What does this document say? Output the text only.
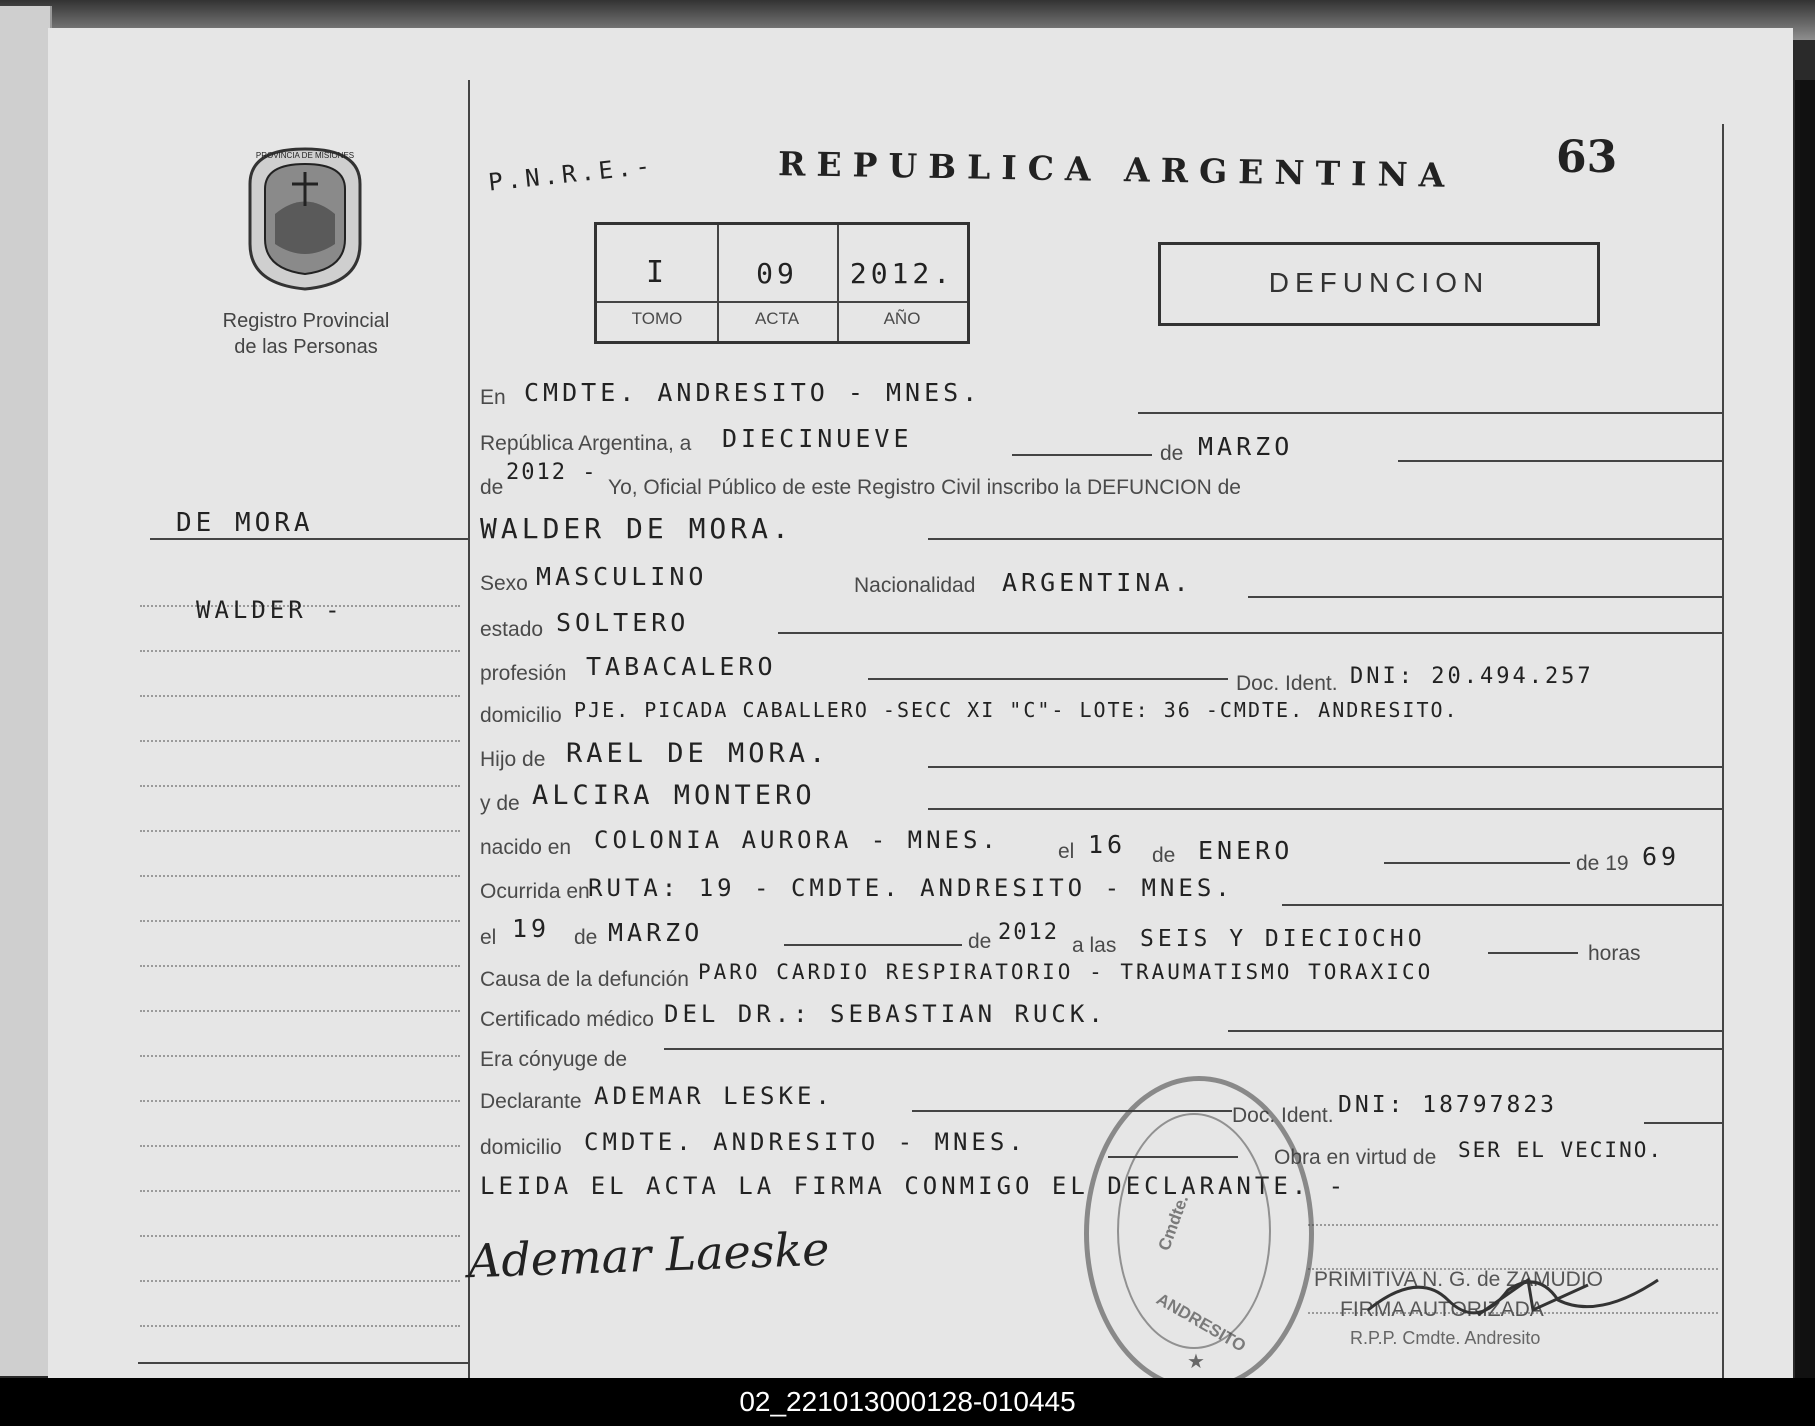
PROVINCIA DE MISIONES
Registro Provincial
de las Personas
P.N.R.E.-	REPUBLICA ARGENTINA 63
I	09	2012.
TOMO	ACTA	AÑO
DEFUNCION
DE MORA
WALDER -
En CMDTE. ANDRESITO - MNES.
República Argentina, a DIECINUEVE
de MARZO
de
2012 -
Yo, Oficial Público de este Registro Civil inscribo la DEFUNCION de
WALDER DE MORA.
Sexo MASCULINO	Nacionalidad ARGENTINA.
estado SOLTERO
profesión TABACALERO
Doc. Ident. DNI: 20.494.257
domicilio PJE. PICADA CABALLERO -SECC XI "C"- LOTE: 36 -CMDTE. ANDRESITO.
Hijo de RAEL DE MORA.
y de ALCIRA MONTERO
nacido en COLONIA AURORA - MNES.	el 16 de ENERO	de 19 69
Ocurrida en
RUTA: 19 - CMDTE. ANDRESITO - MNES.
el 19 de MARZO	de 2012
a las SEIS Y DIECIOCHO
horas
Causa de la defunción PARO CARDIO RESPIRATORIO - TRAUMATISMO TORAXICO
Certificado médico DEL DR.: SEBASTIAN RUCK.
Era cónyuge de
Declarante ADEMAR LESKE.
Doc. Ident. DNI: 18797823
domicilio CMDTE. ANDRESITO - MNES.
Obra en virtud de SER EL VECINO.
LEIDA EL ACTA LA FIRMA CONMIGO EL DECLARANTE. -
Ademar Laeske	PRIMITIVA N. G. de ZAMUDIO
FIRMA AUTORIZADA
R.P.P. Cmdte. Andresito
Cmdte.
ANDRESITO
★
02_221013000128-010445
